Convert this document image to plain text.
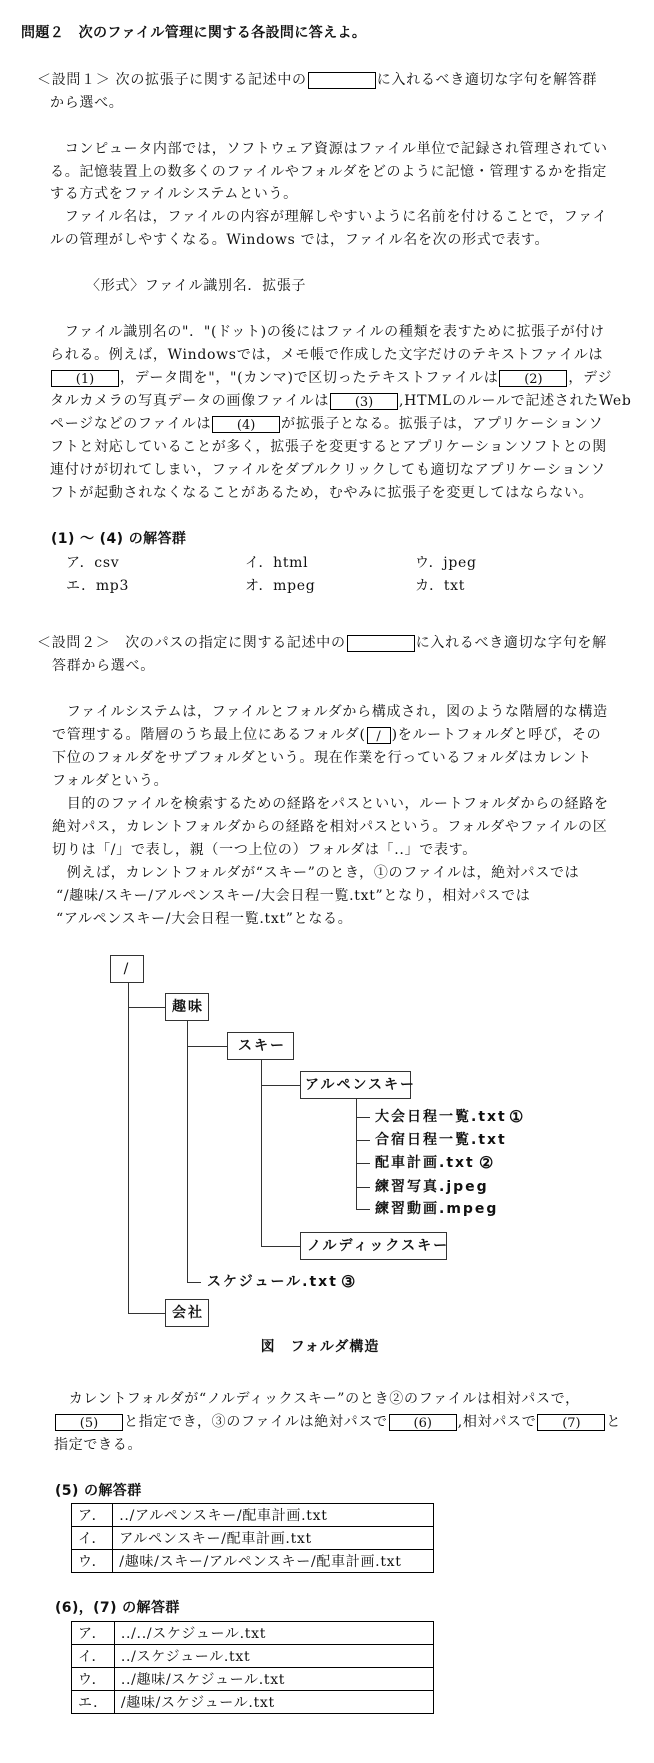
問題２　次のファイル管理に関する各設問に答えよ。
＜設問１＞ 次の拡張子に関する記述中の	に入れるべき適切な字句を解答群
から選べ。
　コンピュータ内部では，ソフトウェア資源はファイル単位で記録され管理されてい
る。記憶装置上の数多くのファイルやフォルダをどのように記憶・管理するかを指定
する方式をファイルシステムという。
　ファイル名は，ファイルの内容が理解しやすいように名前を付けることで，ファイ
ルの管理がしやすくなる。Windows では，ファイル名を次の形式で表す。
〈形式〉ファイル識別名．拡張子
　ファイル識別名の"．"(ドット)の後にはファイルの種類を表すために拡張子が付け
られる。例えば，Windowsでは，メモ帳で作成した文字だけのテキストファイルは
(1) ，データ間を"，"(カンマ)で区切ったテキストファイルは (2) ，デジ
タルカメラの写真データの画像ファイルは (3) ,HTMLのルールで記述されたWeb
ページなどのファイルは (4) が拡張子となる。拡張子は，アプリケーションソ
フトと対応していることが多く，拡張子を変更するとアプリケーションソフトとの関
連付けが切れてしまい，ファイルをダブルクリックしても適切なアプリケーションソ
フトが起動されなくなることがあるため，むやみに拡張子を変更してはならない。
＜設問２＞　次のパスの指定に関する記述中の	に入れるべき適切な字句を解
答群から選べ。
　ファイルシステムは，ファイルとフォルダから構成され，図のような階層的な構造
で管理する。階層のうち最上位にあるフォルダ( / )をルートフォルダと呼び，その
下位のフォルダをサブフォルダという。現在作業を行っているフォルダはカレント
フォルダという。
　目的のファイルを検索するための経路をパスといい，ルートフォルダからの経路を
絶対パス，カレントフォルダからの経路を相対パスという。フォルダやファイルの区
切りは「/」で表し，親（一つ上位の）フォルダは「..」で表す。
　例えば，カレントフォルダが“スキー”のとき，①のファイルは，絶対パスでは
“/趣味/スキー/アルペンスキー/大会日程一覧.txt”となり，相対パスでは
“アルペンスキー/大会日程一覧.txt”となる。
　カレントフォルダが“ノルディックスキー”のとき②のファイルは相対パスで，
(5) と指定でき，③のファイルは絶対パスで (6) ,相対パスで (7) と
指定できる。
(1) ～ (4) の解答群
ア．csv	イ．html	ウ．jpeg
エ．mp3	オ．mpeg	カ．txt
/
趣味
スキー
アルペンスキー
大会日程一覧.txt
合宿日程一覧.txt
配車計画.txt
練習写真.jpeg
練習動画.mpeg
①
②
ノルディックスキー
スケジュール.txt ③
会社
図　フォルダ構造
(5) の解答群
ア．	../アルペンスキー/配車計画.txt
イ．	アルペンスキー/配車計画.txt
ウ．	/趣味/スキー/アルペンスキー/配車計画.txt
(6)，(7) の解答群
ア．	../../スケジュール.txt
イ．	../スケジュール.txt
ウ．	../趣味/スケジュール.txt
エ．	/趣味/スケジュール.txt
